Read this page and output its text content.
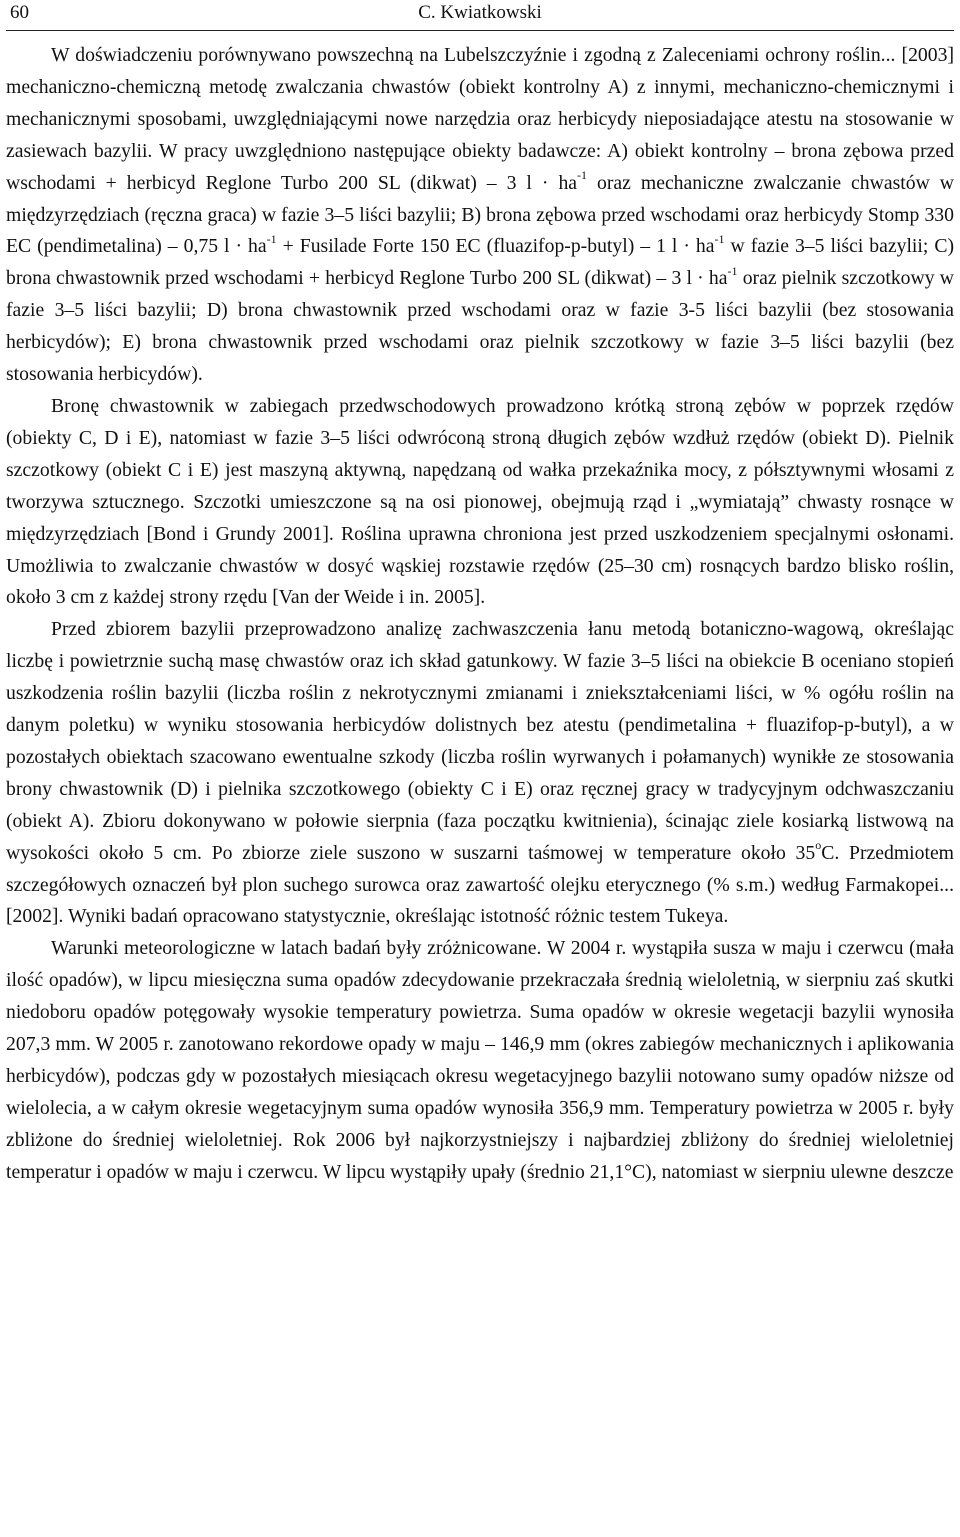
60	C. Kwiatkowski

W doświadczeniu porównywano powszechną na Lubelszczyźnie i zgodną z Zaleceniami ochrony roślin... [2003] mechaniczno-chemiczną metodę zwalczania chwastów (obiekt kontrolny A) z innymi, mechaniczno-chemicznymi i mechanicznymi sposobami, uwzględniającymi nowe narzędzia oraz herbicydy nieposiadające atestu na stosowanie w zasiewach bazylii. W pracy uwzględniono następujące obiekty badawcze: A) obiekt kontrolny – brona zębowa przed wschodami + herbicyd Reglone Turbo 200 SL (dikwat) – 3 $l \cdot ha^{-1}$ oraz mechaniczne zwalczanie chwastów w międzyrzędziach (ręczna graca) w fazie 3–5 liści bazylii; B) brona zębowa przed wschodami oraz herbicydy Stomp 330 EC (pendimetalina) – 0,75 $l \cdot ha^{-1}$ + Fusilade Forte 150 EC (fluazifop-p-butyl) – 1 $l \cdot ha^{-1}$ w fazie 3–5 liści bazylii; C) brona chwastownik przed wschodami + herbicyd Reglone Turbo 200 SL (dikwat) – 3 $l \cdot ha^{-1}$ oraz pielnik szczotkowy w fazie 3–5 liści bazylii; D) brona chwastownik przed wschodami oraz w fazie 3-5 liści bazylii (bez stosowania herbicydów); E) brona chwastownik przed wschodami oraz pielnik szczotkowy w fazie 3–5 liści bazylii (bez stosowania herbicydów).

Bronę chwastownik w zabiegach przedwschodowych prowadzono krótką stroną zębów w poprzek rzędów (obiekty C, D i E), natomiast w fazie 3–5 liści odwróconą stroną długich zębów wzdłuż rzędów (obiekt D). Pielnik szczotkowy (obiekt C i E) jest maszyną aktywną, napędzaną od wałka przekaźnika mocy, z półsztywnymi włosami z tworzywa sztucznego. Szczotki umieszczone są na osi pionowej, obejmują rząd i „wymiatają” chwasty rosnące w międzyrzędziach [Bond i Grundy 2001]. Roślina uprawna chroniona jest przed uszkodzeniem specjalnymi osłonami. Umożliwia to zwalczanie chwastów w dosyć wąskiej rozstawie rzędów (25–30 cm) rosnących bardzo blisko roślin, około 3 cm z każdej strony rzędu [Van der Weide i in. 2005].

Przed zbiorem bazylii przeprowadzono analizę zachwaszczenia łanu metodą botaniczno-wagową, określając liczbę i powietrznie suchą masę chwastów oraz ich skład gatunkowy. W fazie 3–5 liści na obiekcie B oceniano stopień uszkodzenia roślin bazylii (liczba roślin z nekrotycznymi zmianami i zniekształceniami liści, w % ogółu roślin na danym poletku) w wyniku stosowania herbicydów dolistnych bez atestu (pendimetalina + fluazifop-p-butyl), a w pozostałych obiektach szacowano ewentualne szkody (liczba roślin wyrwanych i połamanych) wynikłe ze stosowania brony chwastownik (D) i pielnika szczotkowego (obiekty C i E) oraz ręcznej gracy w tradycyjnym odchwaszczaniu (obiekt A). Zbioru dokonywano w połowie sierpnia (faza początku kwitnienia), ścinając ziele kosiarką listwową na wysokości około 5 cm. Po zbiorze ziele suszono w suszarni taśmowej w temperature około 35$^o$C. Przedmiotem szczegółowych oznaczeń był plon suchego surowca oraz zawartość olejku eterycznego (% s.m.) według Farmakopei... [2002]. Wyniki badań opracowano statystycznie, określając istotność różnic testem Tukeya.

Warunki meteorologiczne w latach badań były zróżnicowane. W 2004 r. wystąpiła susza w maju i czerwcu (mała ilość opadów), w lipcu miesięczna suma opadów zdecydowanie przekraczała średnią wieloletnią, w sierpniu zaś skutki niedoboru opadów potęgowały wysokie temperatury powietrza. Suma opadów w okresie wegetacji bazylii wynosiła 207,3 mm. W 2005 r. zanotowano rekordowe opady w maju – 146,9 mm (okres zabiegów mechanicznych i aplikowania herbicydów), podczas gdy w pozostałych miesiącach okresu wegetacyjnego bazylii notowano sumy opadów niższe od wielolecia, a w całym okresie wegetacyjnym suma opadów wynosiła 356,9 mm. Temperatury powietrza w 2005 r. były zbliżone do średniej wieloletniej. Rok 2006 był najkorzystniejszy i najbardziej zbliżony do średniej wieloletniej temperatur i opadów w maju i czerwcu. W lipcu wystąpiły upały (średnio 21,1°C), natomiast w sierpniu ulewne deszcze
